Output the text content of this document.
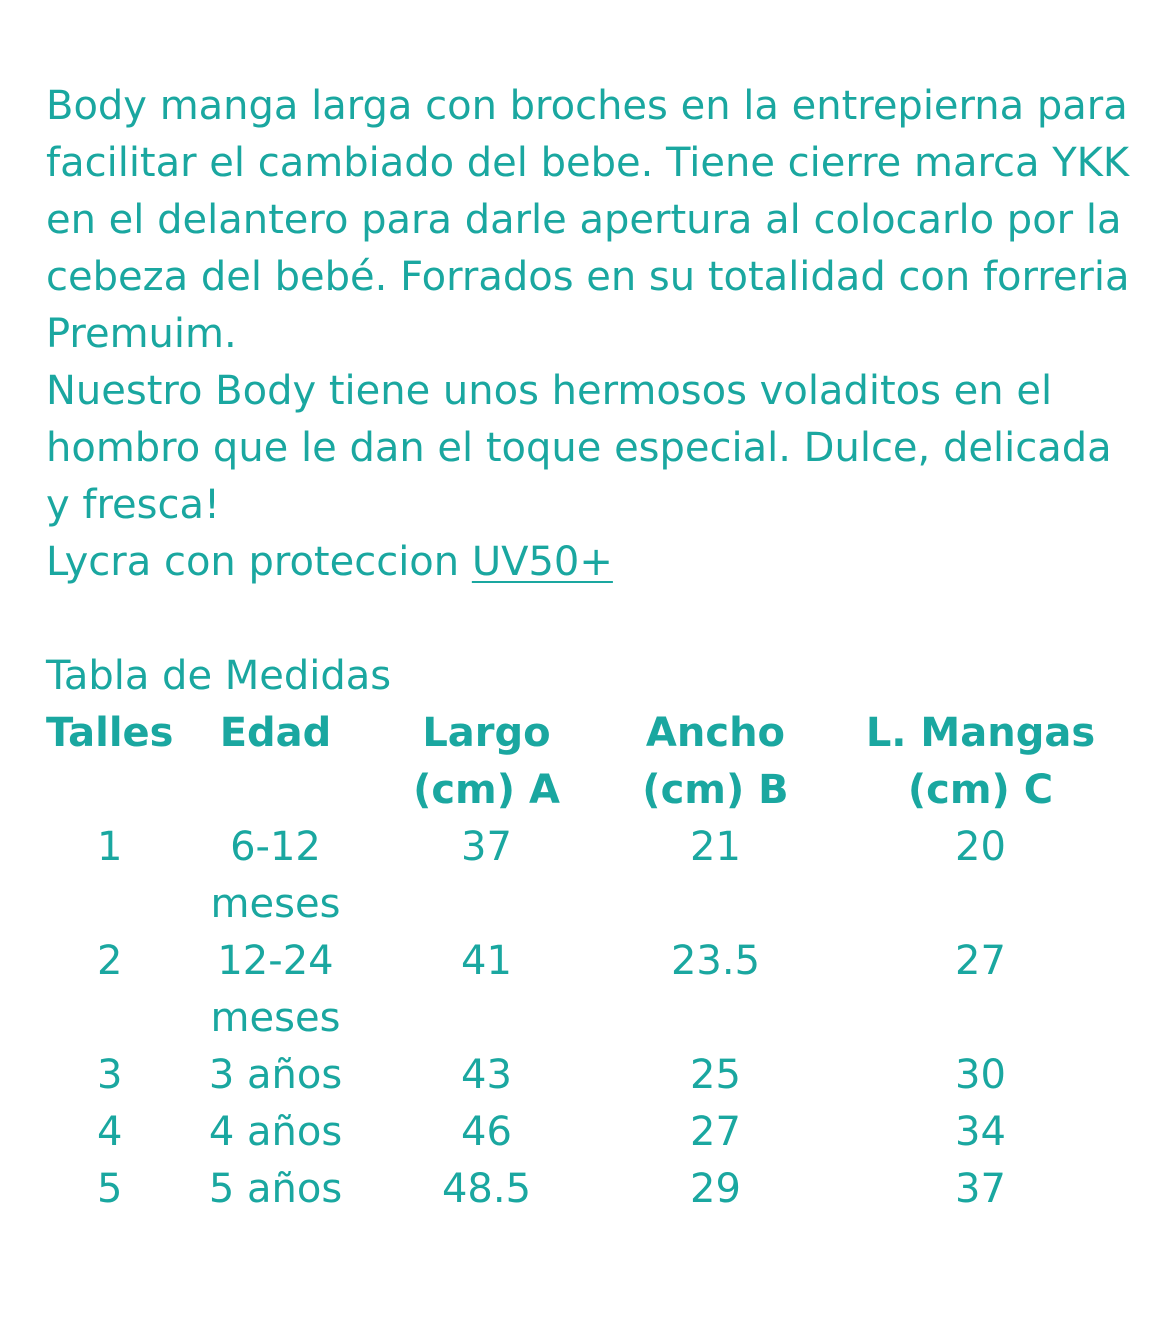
Body manga larga con broches en la entrepierna para facilitar el cambiado del bebe. Tiene cierre marca YKK en el delantero para darle apertura al colocarlo por la cebeza del bebé. Forrados en su totalidad con forreria Premuim.

Nuestro Body tiene unos hermosos voladitos en el hombro que le dan el toque especial. Dulce, delicada y fresca!

Lycra con proteccion UV50+

Tabla de Medidas

Talles	Edad	Largo (cm) A	Ancho (cm) B	L. Mangas (cm) C
1	6-12 meses	37	21	20
2	12-24 meses	41	23.5	27
3	3 años	43	25	30
4	4 años	46	27	34
5	5 años	48.5	29	37
